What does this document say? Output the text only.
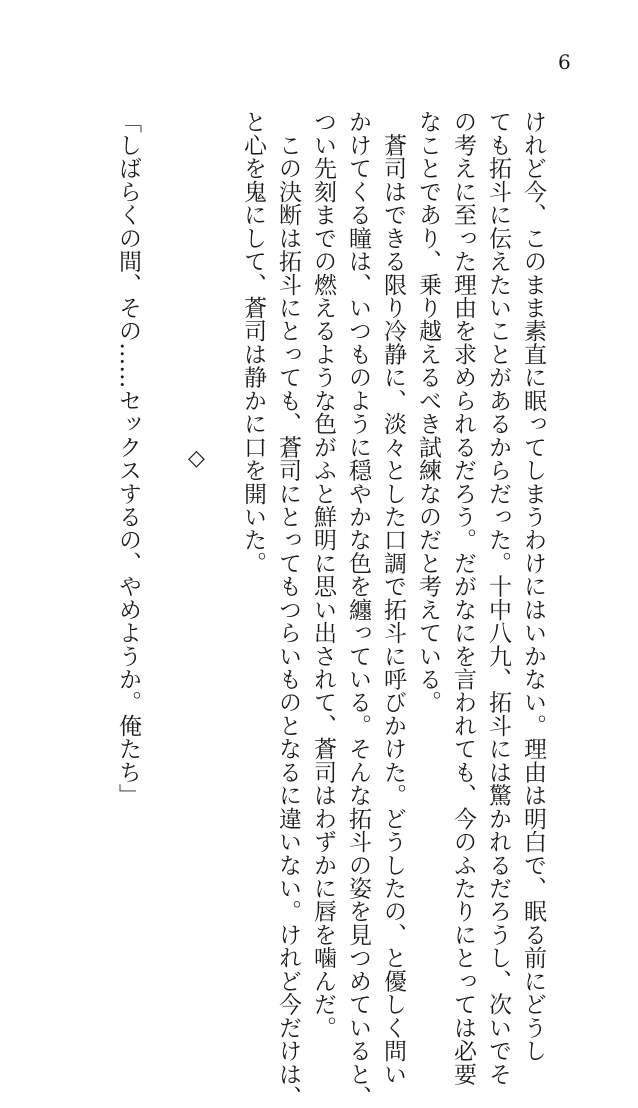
6
けれど今、このまま素直に眠ってしまうわけにはいかない。理由は明白で、眠る前にどうし
ても拓斗に伝えたいことがあるからだった。十中八九、拓斗には驚かれるだろうし、次いでそ
の考えに至った理由を求められるだろう。だがなにを言われても、今のふたりにとっては必要
なことであり、乗り越えるべき試練なのだと考えている。
　蒼司はできる限り冷静に、淡々とした口調で拓斗に呼びかけた。どうしたの、と優しく問い
かけてくる瞳は、いつものように穏やかな色を纏っている。そんな拓斗の姿を見つめていると、
つい先刻までの燃えるような色がふと鮮明に思い出されて、蒼司はわずかに唇を噛んだ。
　この決断は拓斗にとっても、蒼司にとってもつらいものとなるに違いない。けれど今だけは、
と心を鬼にして、蒼司は静かに口を開いた。
◇
「しばらくの間、その……セックスするの、やめようか。俺たち」
